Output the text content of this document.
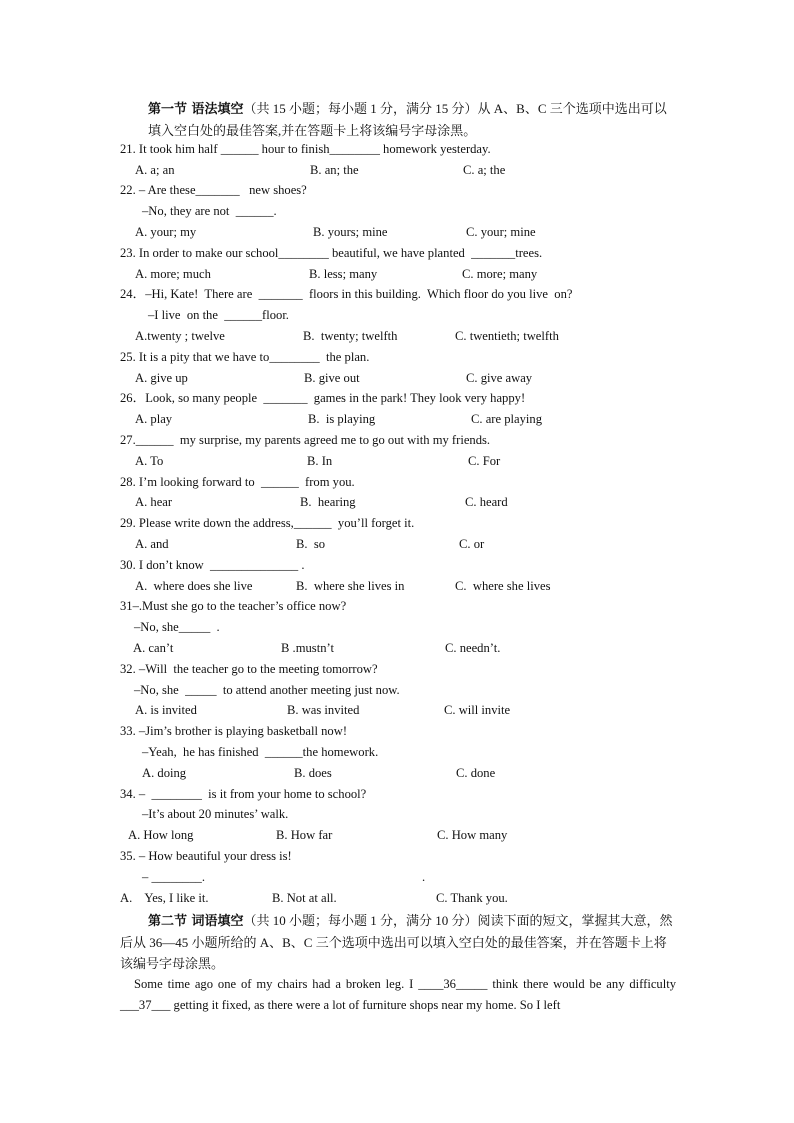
第一节 语法填空（共 15 小题；每小题 1 分，满分 15 分）从 A、B、C 三个选项中选出可以填入空白处的最佳答案,并在答题卡上将该编号字母涂黑。
21. It took him half ______ hour to finish________ homework yesterday.
A. a; an	B. an; the	C. a; the
22. – Are these_______   new shoes?
–No, they are not  ______.
A. your; my	B. yours; mine	C. your; mine
23. In order to make our school________ beautiful, we have planted  _______trees.
A. more; much	B. less; many	C. more; many
24．–Hi, Kate!  There are  _______  floors in this building.  Which floor do you live  on?
–I live  on the  ______floor.
A.twenty ; twelve	B.  twenty; twelfth	C. twentieth; twelfth
25. It is a pity that we have to________  the plan.
A. give up	B. give out	C. give away
26．Look, so many people  _______  games in the park! They look very happy!
A. play	B.  is playing	C. are playing
27.______  my surprise, my parents agreed me to go out with my friends.
A. To	B. In	C. For
28. I’m looking forward to  ______  from you.
A. hear	B.  hearing	C. heard
29. Please write down the address,______  you’ll forget it.
A. and	B.  so	C. or
30. I don’t know  ______________ .
A.  where does she live	B.  where she lives in	C.  where she lives
31–.Must she go to the teacher’s office now?
–No, she_____  .
A. can’t	B .mustn’t	C. needn’t.
32. –Will  the teacher go to the meeting tomorrow?
–No, she  _____  to attend another meeting just now.
A. is invited	B. was invited	C. will invite
33. –Jim’s brother is playing basketball now!
–Yeah,  he has finished  ______the homework.
A. doing	B. does	C. done
34. –  ________  is it from your home to school?
–It’s about 20 minutes’ walk.
A. How long	B. How far	C. How many
35. – How beautiful your dress is!
– ________.	.
A.    Yes, I like it.	B. Not at all.	C. Thank you.
第二节 词语填空（共 10 小题；每小题 1 分，满分 10 分）阅读下面的短文，掌握其大意，然后从 36—45 小题所给的 A、B、C 三个选项中选出可以填入空白处的最佳答案，并在答题卡上将该编号字母涂黑。
Some time ago one of my chairs had a broken leg. I ____36_____ think there would be any difficulty ___37___ getting it fixed, as there were a lot of furniture shops near my home. So I left
